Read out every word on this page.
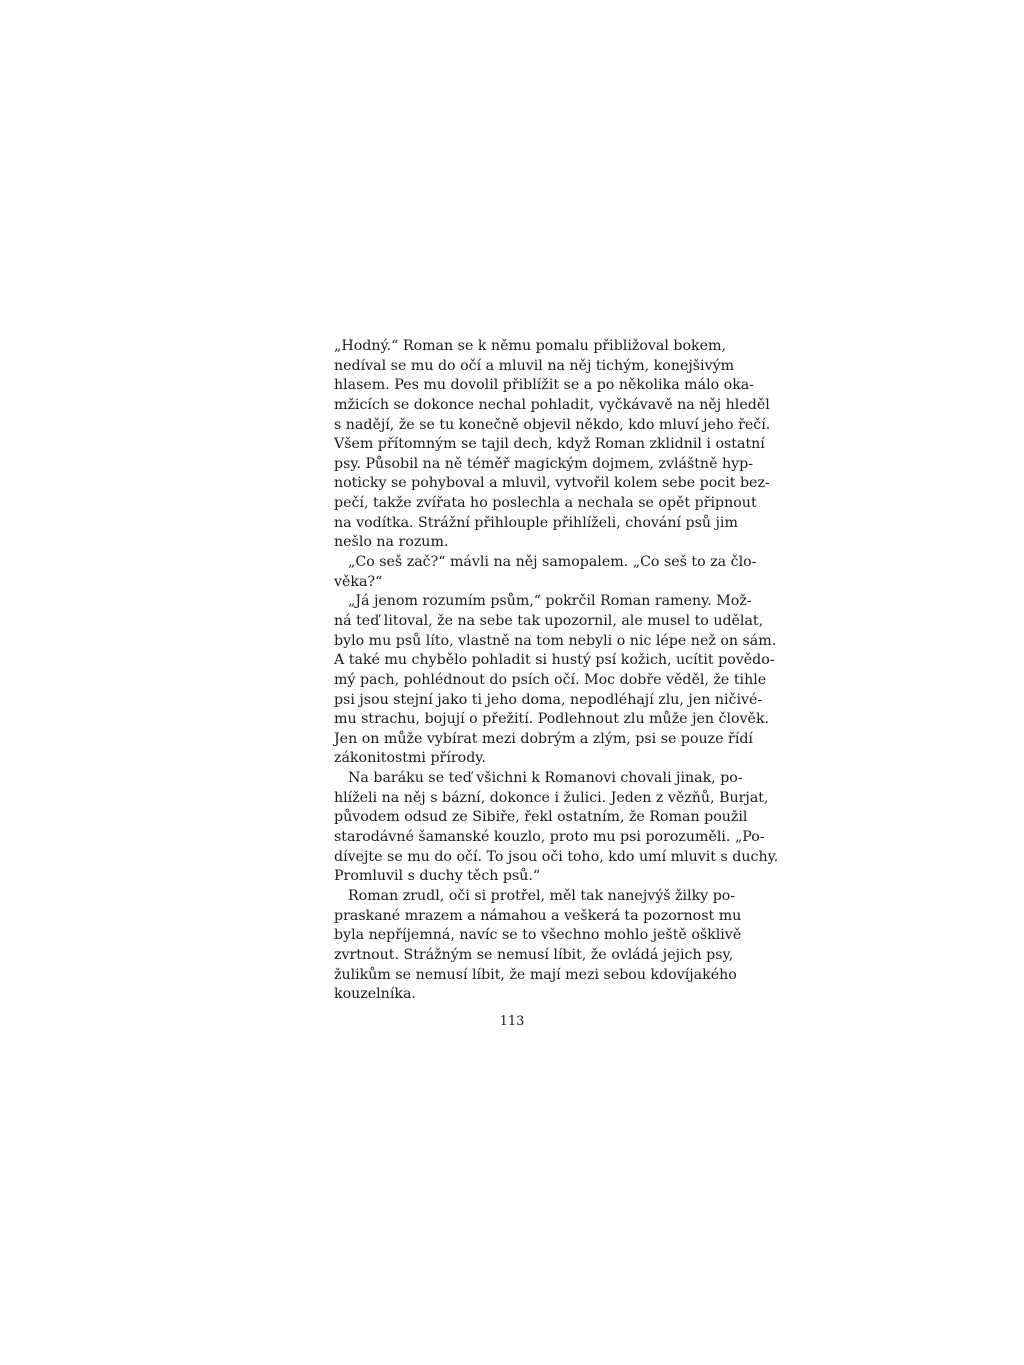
„Hodný.“ Roman se k němu pomalu přibližoval bokem,
nedíval se mu do očí a mluvil na něj tichým, konejšivým
hlasem. Pes mu dovolil přiblížit se a po několika málo oka-
mžicích se dokonce nechal pohladit, vyčkávavě na něj hleděl
s nadějí, že se tu konečně objevil někdo, kdo mluví jeho řečí.
Všem přítomným se tajil dech, když Roman zklidnil i ostatní
psy. Působil na ně téměř magickým dojmem, zvláštně hyp-
noticky se pohyboval a mluvil, vytvořil kolem sebe pocit bez-
pečí, takže zvířata ho poslechla a nechala se opět připnout
na vodítka. Strážní přihlouple přihlíželi, chování psů jim
nešlo na rozum.
„Co seš zač?“ mávli na něj samopalem. „Co seš to za člo-
věka?“
„Já jenom rozumím psům,“ pokrčil Roman rameny. Mož-
ná teď litoval, že na sebe tak upozornil, ale musel to udělat,
bylo mu psů líto, vlastně na tom nebyli o nic lépe než on sám.
A také mu chybělo pohladit si hustý psí kožich, ucítit povědo-
mý pach, pohlédnout do psích očí. Moc dobře věděl, že tihle
psi jsou stejní jako ti jeho doma, nepodléhají zlu, jen ničivé-
mu strachu, bojují o přežití. Podlehnout zlu může jen člověk.
Jen on může vybírat mezi dobrým a zlým, psi se pouze řídí
zákonitostmi přírody.
Na baráku se teď všichni k Romanovi chovali jinak, po-
hlíželi na něj s bázní, dokonce i žulici. Jeden z vězňů, Burjat,
původem odsud ze Sibiře, řekl ostatním, že Roman použil
starodávné šamanské kouzlo, proto mu psi porozuměli. „Po-
dívejte se mu do očí. To jsou oči toho, kdo umí mluvit s duchy.
Promluvil s duchy těch psů.“
Roman zrudl, oči si protřel, měl tak nanejvýš žilky po-
praskané mrazem a námahou a veškerá ta pozornost mu
byla nepříjemná, navíc se to všechno mohlo ještě ošklivě
zvrtnout. Strážným se nemusí líbit, že ovládá jejich psy,
žulikům se nemusí líbit, že mají mezi sebou kdovíjakého
kouzelníka.
113
